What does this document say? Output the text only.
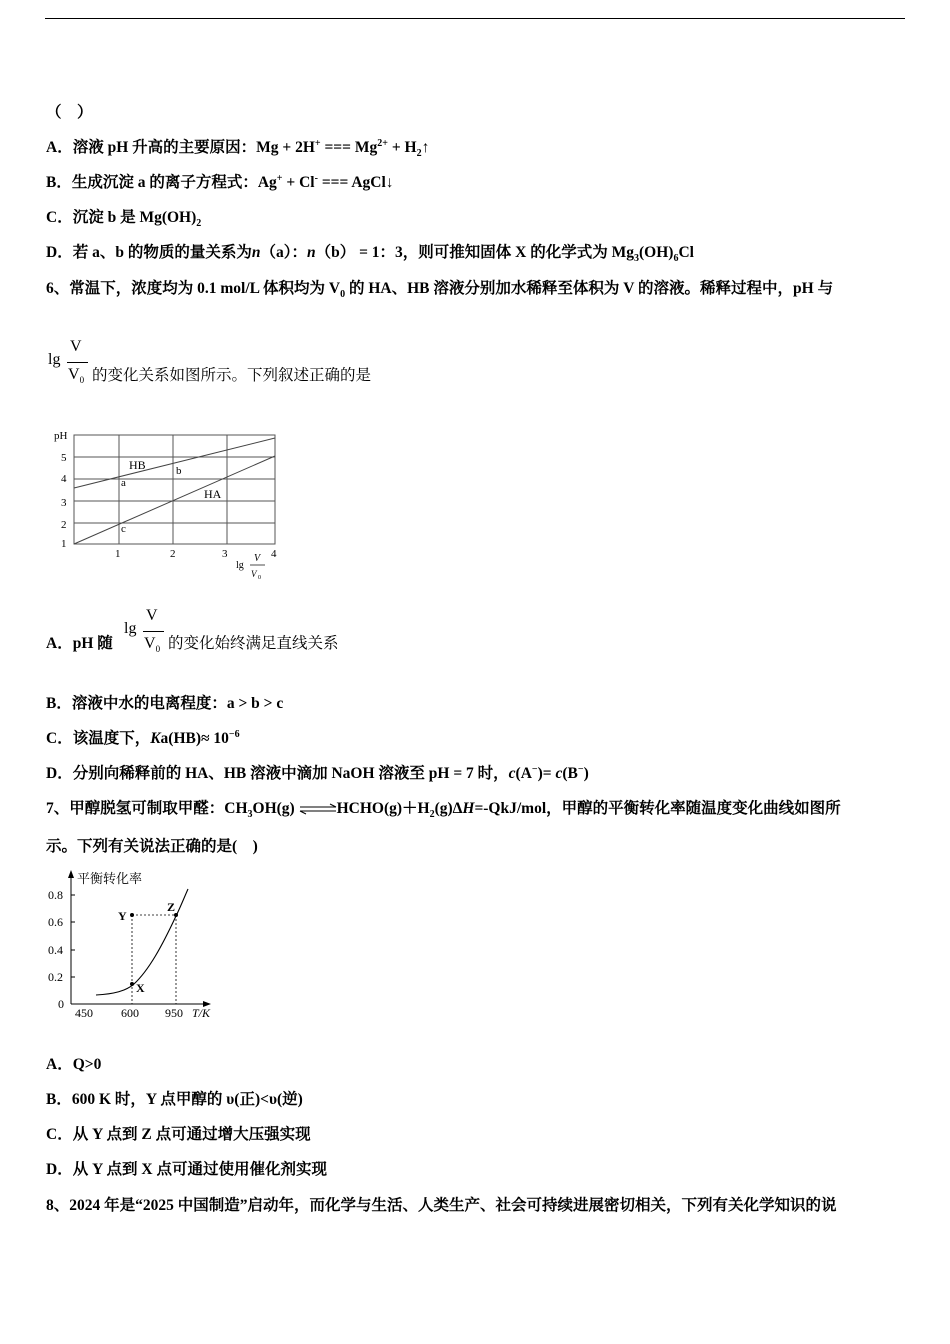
（　）
A．溶液 pH 升高的主要原因：Mg + 2H+ === $Mg^{2+}$ + $H_2↑$
B．生成沉淀 a 的离子方程式：Ag+ + Cl- === AgCl↓
C．沉淀 b 是 $Mg(OH)_2$
D．若 a、b 的物质的量关系为n（a）：n（b） = 1：3，则可推知固体 X 的化学式为 $Mg_3(OH)_6Cl$
6、常温下，浓度均为 0.1 mol/L 体积均为 $V_0$ 的 HA、HB 溶液分别加水稀释至体积为 V 的溶液。稀释过程中，pH 与
lg
V
$V_0$ 的变化关系如图所示。下列叙述正确的是
pH
1
2
3
4
5
1	2	3	4
HB
HA
a
b
c
lg
V
V 0
A．pH 随
lg
V
$V_0$ 的变化始终满足直线关系
B．溶液中水的电离程度：a > b > c
C．该温度下，$Ka(HB)\approx 10^{-6}$
D．分别向稀释前的 HA、HB 溶液中滴加 NaOH 溶液至 pH = 7 时，c(A−)= c(B−)
7、甲醇脱氢可制取甲醛：$CH_3OH(g)$ $\rightleftharpoons HCHO(g)+H_2(g)\Delta H=-QkJ$/mol，甲醇的平衡转化率随温度变化曲线如图所
示。下列有关说法正确的是(　)
平衡转化率
0
0.2
0.4
0.6
0.8
450 600 950 T/K
X
Y
Z
A．Q>0
B．600 K 时，Y 点甲醇的 υ(正)<υ(逆)
C．从 Y 点到 Z 点可通过增大压强实现
D．从 Y 点到 X 点可通过使用催化剂实现
8、2024 年是“2025 中国制造”启动年，而化学与生活、人类生产、社会可持续进展密切相关，下列有关化学知识的说
